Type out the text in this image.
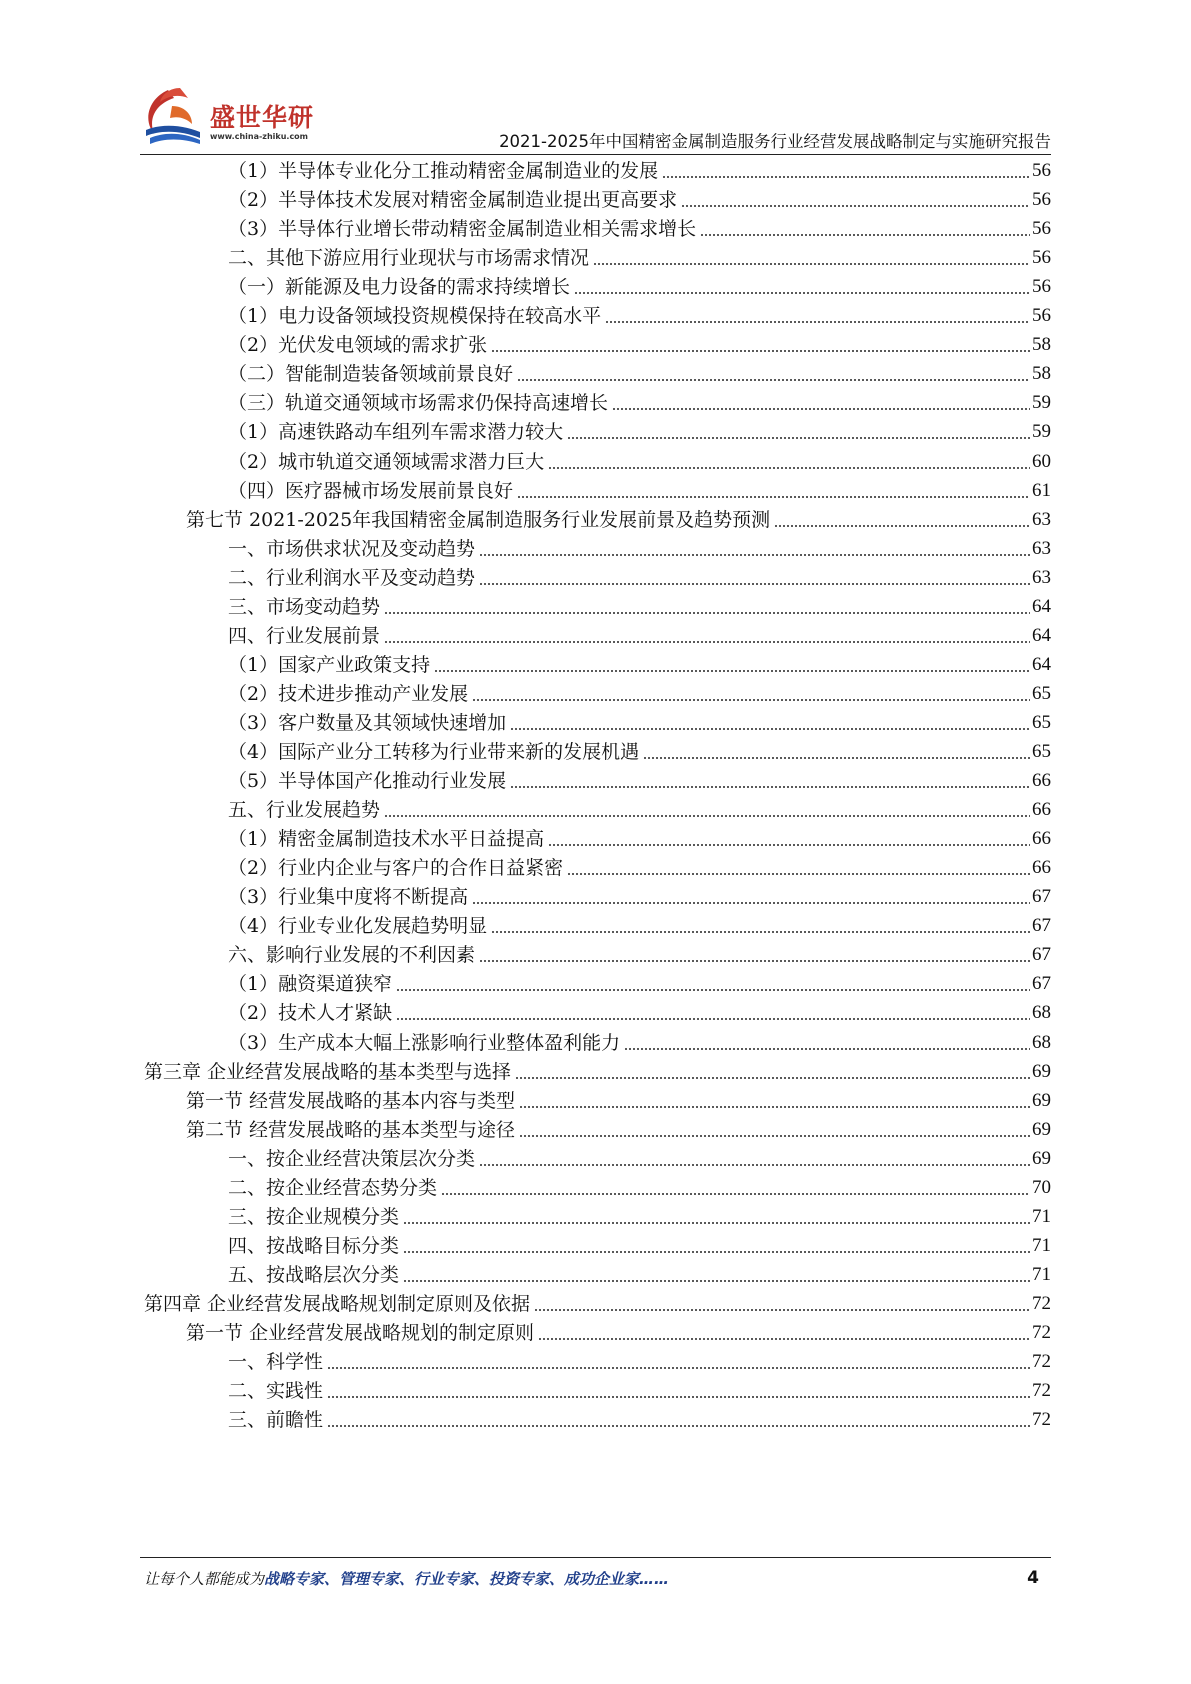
盛世华研
www.china-zhiku.com	2021-2025年中国精密金属制造服务行业经营发展战略制定与实施研究报告
（1）半导体专业化分工推动精密金属制造业的发展	56
（2）半导体技术发展对精密金属制造业提出更高要求	56
（3）半导体行业增长带动精密金属制造业相关需求增长	56
二、其他下游应用行业现状与市场需求情况	56
（一）新能源及电力设备的需求持续增长	56
（1）电力设备领域投资规模保持在较高水平	56
（2）光伏发电领域的需求扩张	58
（二）智能制造装备领域前景良好	58
（三）轨道交通领域市场需求仍保持高速增长	59
（1）高速铁路动车组列车需求潜力较大	59
（2）城市轨道交通领域需求潜力巨大	60
（四）医疗器械市场发展前景良好	61
第七节 2021-2025年我国精密金属制造服务行业发展前景及趋势预测	63
一、市场供求状况及变动趋势	63
二、行业利润水平及变动趋势	63
三、市场变动趋势	64
四、行业发展前景	64
（1）国家产业政策支持	64
（2）技术进步推动产业发展	65
（3）客户数量及其领域快速增加	65
（4）国际产业分工转移为行业带来新的发展机遇	65
（5）半导体国产化推动行业发展	66
五、行业发展趋势	66
（1）精密金属制造技术水平日益提高	66
（2）行业内企业与客户的合作日益紧密	66
（3）行业集中度将不断提高	67
（4）行业专业化发展趋势明显	67
六、影响行业发展的不利因素	67
（1）融资渠道狭窄	67
（2）技术人才紧缺	68
（3）生产成本大幅上涨影响行业整体盈利能力	68
第三章 企业经营发展战略的基本类型与选择	69
第一节 经营发展战略的基本内容与类型	69
第二节 经营发展战略的基本类型与途径	69
一、按企业经营决策层次分类	69
二、按企业经营态势分类	70
三、按企业规模分类	71
四、按战略目标分类	71
五、按战略层次分类	71
第四章 企业经营发展战略规划制定原则及依据	72
第一节 企业经营发展战略规划的制定原则	72
一、科学性	72
二、实践性	72
三、前瞻性	72
让每个人都能成为战略专家、管理专家、行业专家、投资专家、成功企业家……	4
